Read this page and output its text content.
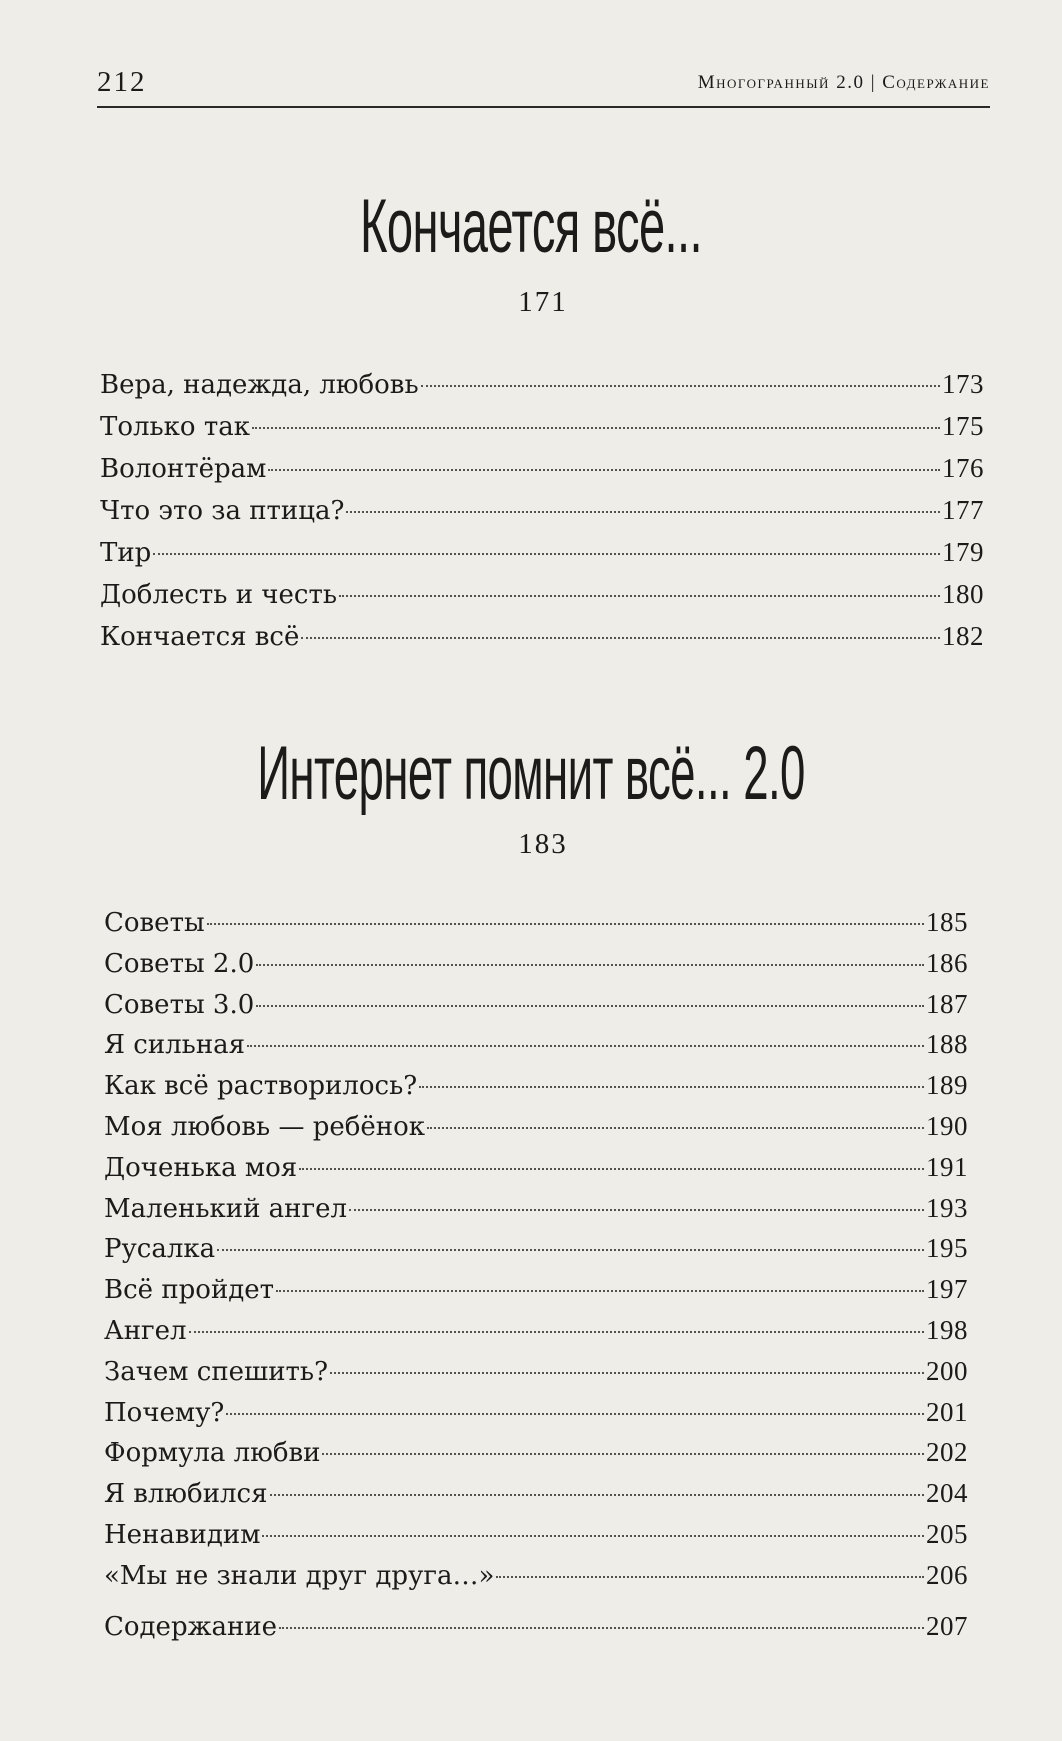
212	Многогранный 2.0 | Содержание
Кончается всё...
171
Вера, надежда, любовь	173
Только так	175
Волонтёрам	176
Что это за птица?	177
Тир	179
Доблесть и честь	180
Кончается всё	182
Интернет помнит всё... 2.0
183
Советы	185
Советы 2.0	186
Советы 3.0	187
Я сильная	188
Как всё растворилось?	189
Моя любовь — ребёнок	190
Доченька моя	191
Маленький ангел	193
Русалка	195
Всё пройдет	197
Ангел	198
Зачем спешить?	200
Почему?	201
Формула любви	202
Я влюбился	204
Ненавидим	205
«Мы не знали друг друга…»	206
Содержание	207
